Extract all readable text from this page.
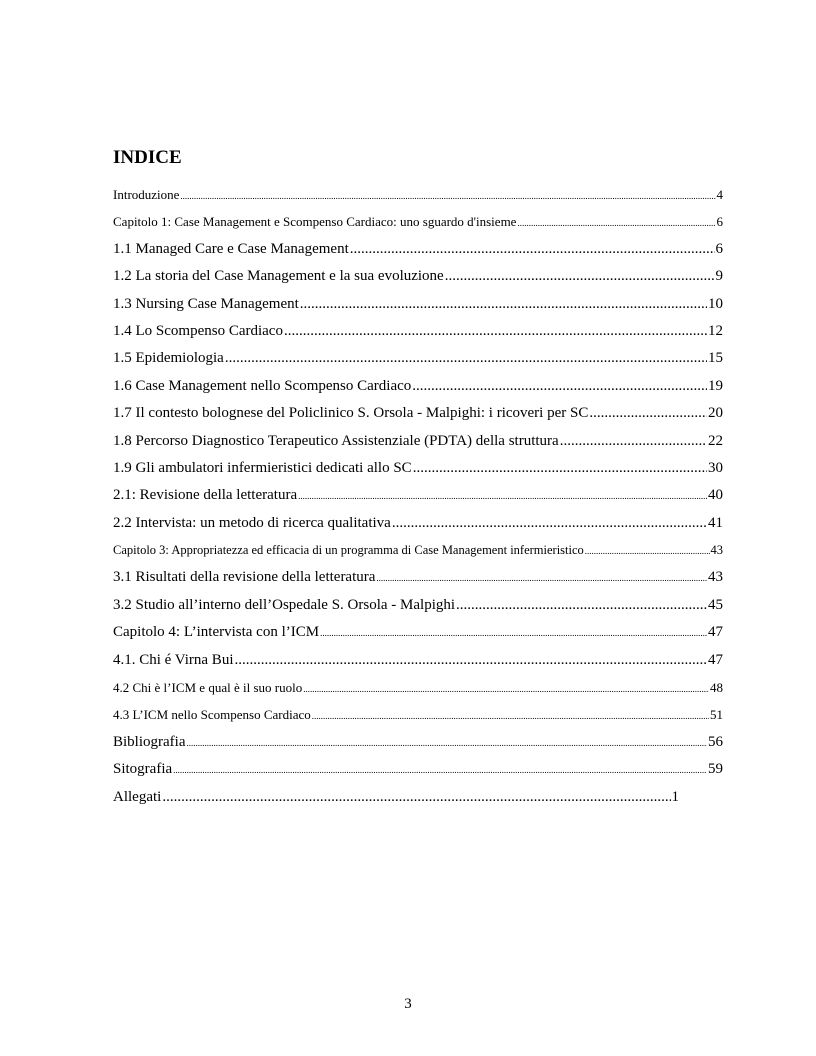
INDICE
Introduzione .....	4
Capitolo 1: Case Management e Scompenso Cardiaco: uno sguardo d'insieme .....	6
1.1 Managed Care e Case Management .....	6
1.2 La storia del Case Management e la sua evoluzione .....	9
1.3 Nursing Case Management .....	10
1.4 Lo Scompenso Cardiaco .....	12
1.5 Epidemiologia .....	15
1.6 Case Management nello Scompenso Cardiaco .....	19
1.7 Il contesto bolognese del Policlinico S. Orsola - Malpighi: i ricoveri per SC .....	20
1.8 Percorso Diagnostico Terapeutico Assistenziale (PDTA) della struttura .....	22
1.9 Gli ambulatori infermieristici dedicati allo SC .....	30
2.1: Revisione della letteratura .....	40
2.2 Intervista: un metodo di ricerca qualitativa .....	41
Capitolo 3: Appropriatezza ed efficacia di un programma di Case Management infermieristico .....	43
3.1 Risultati della revisione della letteratura .....	43
3.2 Studio all’interno dell’Ospedale S. Orsola - Malpighi .....	45
Capitolo 4: L’intervista con l’ICM .....	47
4.1. Chi é Virna Bui .....	47
4.2 Chi è l’ICM e qual è il suo ruolo .....	48
4.3 L’ICM nello Scompenso Cardiaco .....	51
Bibliografia .....	56
Sitografia .....	59
Allegati .....	1
3
